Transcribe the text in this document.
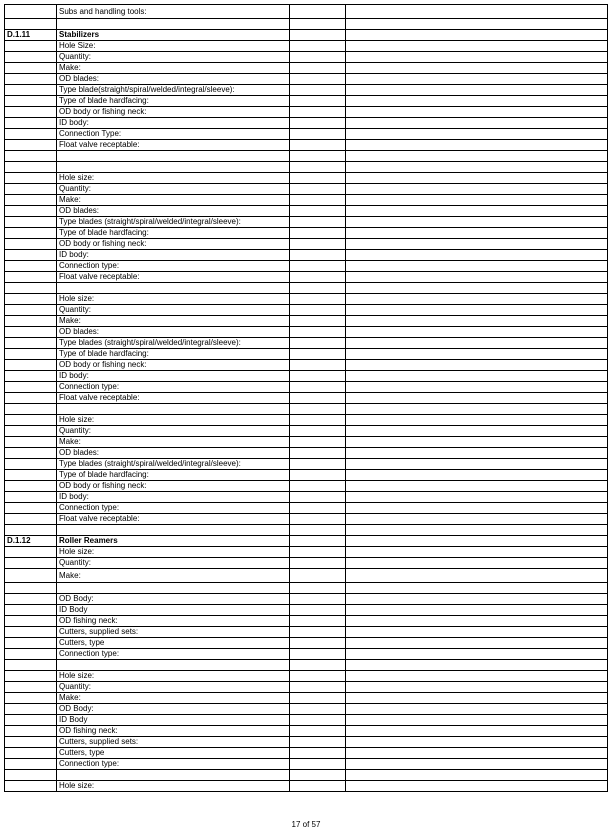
	Subs and handling tools:		

D.1.11	Stabilizers		
	Hole Size:		
	Quantity:		
	Make:		
	OD blades:		
	Type blade(straight/spiral/welded/integral/sleeve):		
	Type of blade hardfacing:		
	OD body or fishing neck:		
	ID body:		
	Connection Type:		
	Float valve receptable:		

	Hole size:		
	Quantity:		
	Make:		
	OD blades:		
	Type blades (straight/spiral/welded/integral/sleeve):		
	Type of blade hardfacing:		
	OD body or fishing neck:		
	ID body:		
	Connection type:		
	Float valve receptable:		

	Hole size:		
	Quantity:		
	Make:		
	OD blades:		
	Type blades (straight/spiral/welded/integral/sleeve):		
	Type of blade hardfacing:		
	OD body or fishing neck:		
	ID body:		
	Connection type:		
	Float valve receptable:		

	Hole size:		
	Quantity:		
	Make:		
	OD blades:		
	Type blades (straight/spiral/welded/integral/sleeve):		
	Type of blade hardfacing:		
	OD body or fishing neck:		
	ID body:		
	Connection type:		
	Float valve receptable:		

D.1.12	Roller Reamers		
	Hole size:		
	Quantity:		
	Make:		

	OD Body:		
	ID Body		
	OD fishing neck:		
	Cutters, supplied sets:		
	Cutters, type		
	Connection type:		

	Hole size:		
	Quantity:		
	Make:		
	OD Body:		
	ID Body		
	OD fishing neck:		
	Cutters, supplied sets:		
	Cutters, type		
	Connection type:		

	Hole size:		
17 of 57
